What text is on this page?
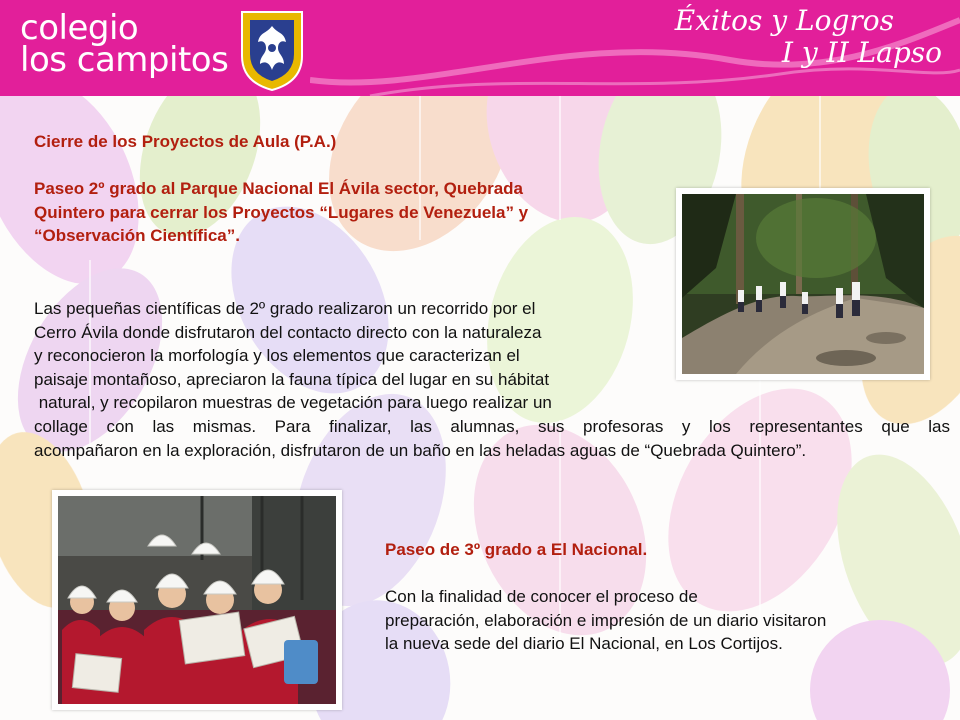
colegio
los campitos
Éxitos y Logros
I y II Lapso
Cierre de los Proyectos de Aula (P.A.)
Paseo 2º grado al Parque Nacional El Ávila sector, Quebrada
Quintero para cerrar los Proyectos “Lugares de Venezuela” y
“Observación Científica”.
Las pequeñas científicas de 2º grado realizaron un recorrido por el
Cerro Ávila donde disfrutaron del contacto directo con la naturaleza
y reconocieron la morfología y los elementos que caracterizan el
paisaje montañoso, apreciaron la fauna típica del lugar en su hábitat
natural, y recopilaron muestras de vegetación para luego realizar un
collage con las mismas. Para finalizar, las alumnas, sus profesoras y los representantes que las
acompañaron en la exploración, disfrutaron de un baño en las heladas aguas de “Quebrada Quintero”.
Paseo de 3º grado a El Nacional.
Con la finalidad de conocer el proceso de
preparación, elaboración e impresión de un diario visitaron
la nueva sede del diario El Nacional, en Los Cortijos.
